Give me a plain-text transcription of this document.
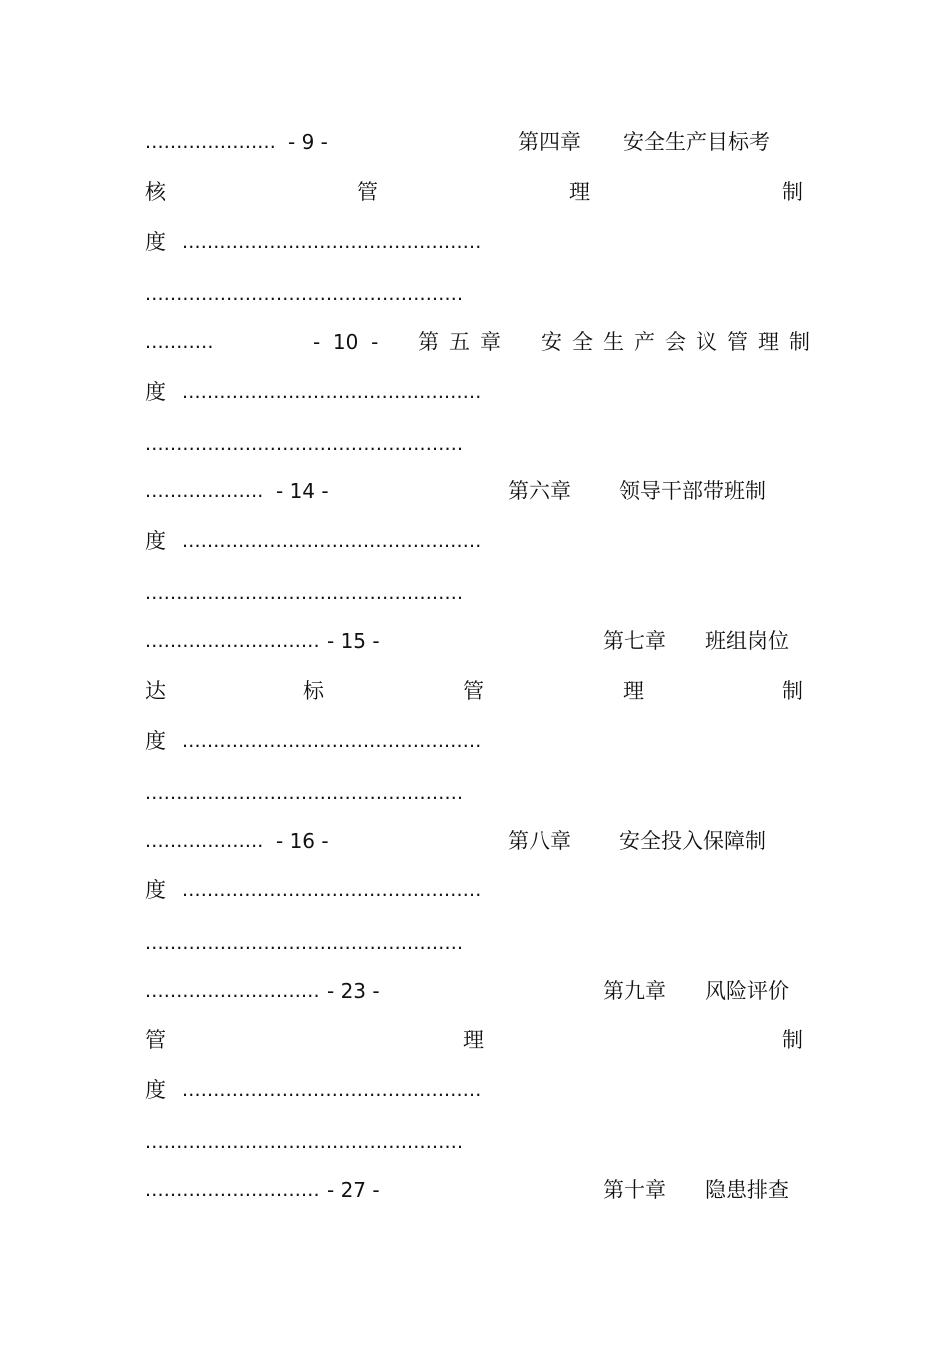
..................... - 9 -	第四章 安全生产目标考
核	管	理	制
度 ................................................
...................................................
...........	-  10  - 第五章 安全生产会议管理制
度 ................................................
...................................................
................... - 14 -	第六章 领导干部带班制
度 ................................................
...................................................
............................ - 15 -	第七章 班组岗位
达	标	管	理	制
度 ................................................
...................................................
................... - 16 -	第八章 安全投入保障制
度 ................................................
...................................................
............................ - 23 -	第九章 风险评价
管	理	制
度 ................................................
...................................................
............................ - 27 -	第十章 隐患排查
